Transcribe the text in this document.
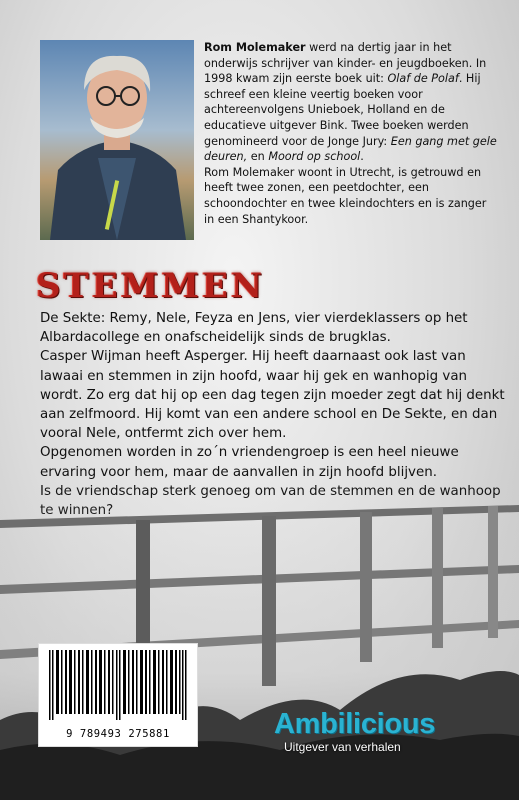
Rom Molemaker werd na dertig jaar in het onderwijs schrijver van kinder- en jeugdboeken. In 1998 kwam zijn eerste boek uit: Olaf de Polaf. Hij schreef een kleine veertig boeken voor achtereenvolgens Unieboek, Holland en de educatieve uitgever Bink. Twee boeken werden genomineerd voor de Jonge Jury: Een gang met gele deuren, en Moord op school.

Rom Molemaker woont in Utrecht, is getrouwd en heeft twee zonen, een peetdochter, een schoondochter en twee kleindochters en is zanger in een Shantykoor.

STEMMEN

De Sekte: Remy, Nele, Feyza en Jens, vier vierdeklassers op het Albardacollege en onafscheidelijk sinds de brugklas.

Casper Wijman heeft Asperger. Hij heeft daarnaast ook last van lawaai en stemmen in zijn hoofd, waar hij gek en wanhopig van wordt. Zo erg dat hij op een dag tegen zijn moeder zegt dat hij denkt aan zelfmoord. Hij komt van een andere school en De Sekte, en dan vooral Nele, ontfermt zich over hem.

Opgenomen worden in zo´n vriendengroep is een heel nieuwe ervaring voor hem, maar de aanvallen in zijn hoofd blijven.

9 789493 275881	Ambilicious
Uitgever van verhalen
